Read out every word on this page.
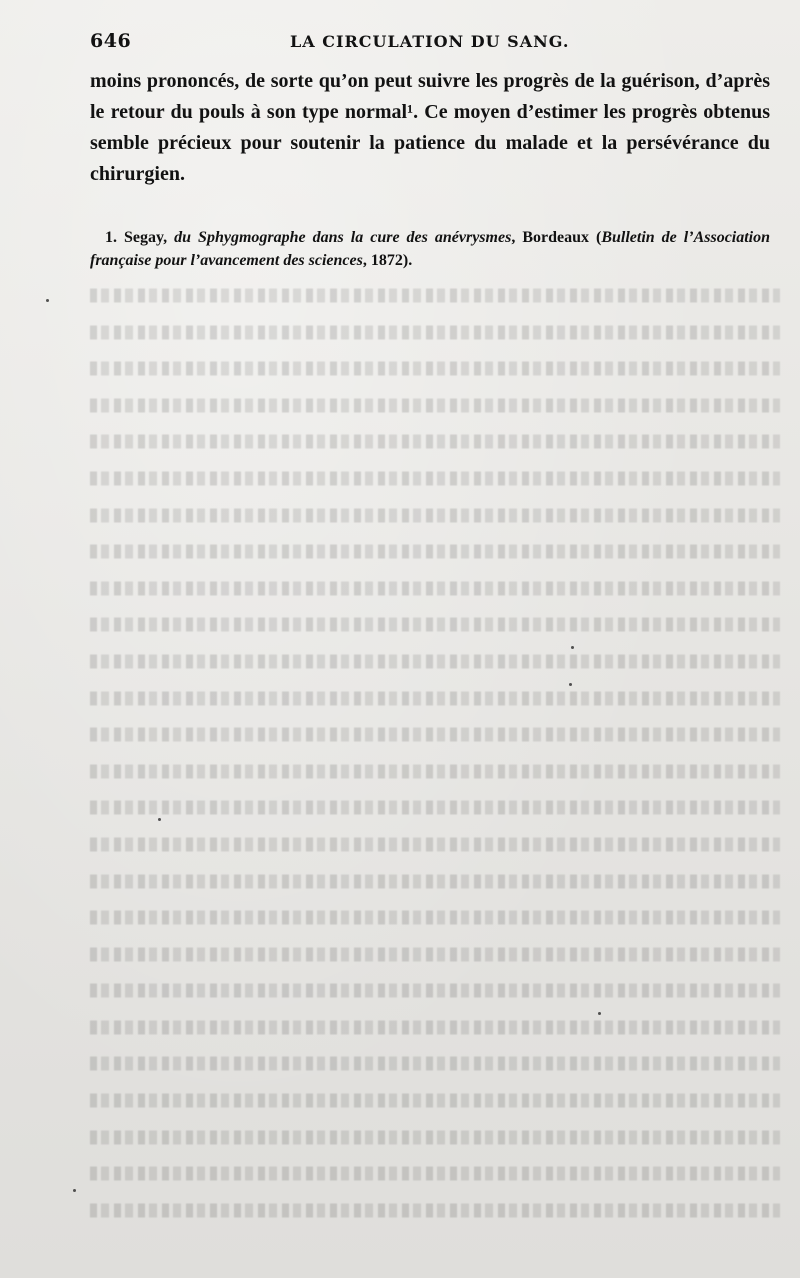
646	LA CIRCULATION DU SANG.

moins prononcés, de sorte qu’on peut suivre les progrès de la guérison, d’après le retour du pouls à son type normal¹. Ce moyen d’estimer les progrès obtenus semble précieux pour soutenir la patience du malade et la persévérance du chirurgien.

1. Segay, du Sphygmographe dans la cure des anévrysmes, Bordeaux (Bulletin de l’Association française pour l’avancement des sciences, 1872).
